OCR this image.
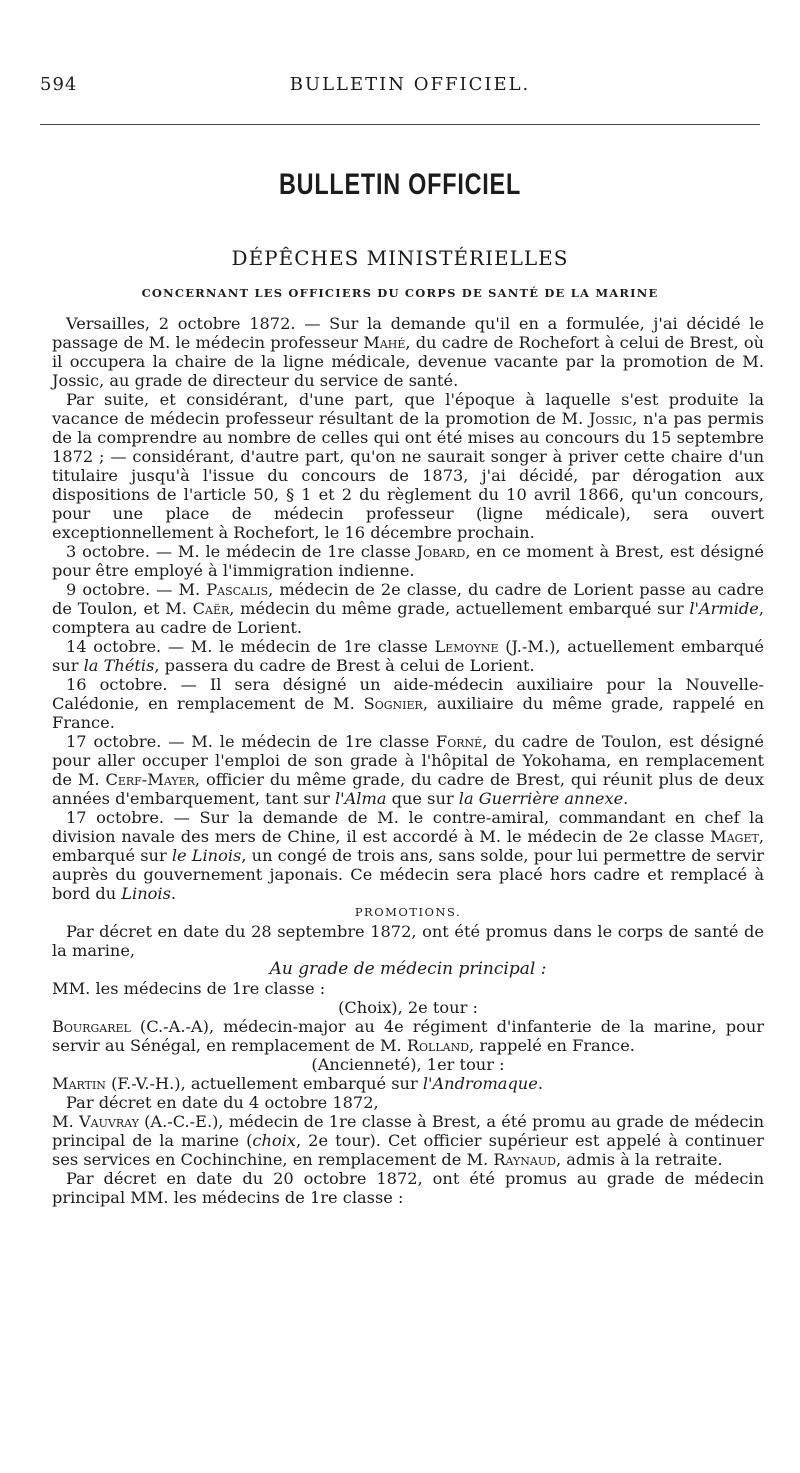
594	BULLETIN OFFICIEL.
BULLETIN OFFICIEL
DÉPÊCHES MINISTÉRIELLES
CONCERNANT LES OFFICIERS DU CORPS DE SANTÉ DE LA MARINE

Versailles, 2 octobre 1872. — Sur la demande qu'il en a formulée, j'ai décidé le passage de M. le médecin professeur Mahé, du cadre de Rochefort à celui de Brest, où il occupera la chaire de la ligne médicale, devenue vacante par la promotion de M. Jossic, au grade de directeur du service de santé.

Par suite, et considérant, d'une part, que l'époque à laquelle s'est produite la vacance de médecin professeur résultant de la promotion de M. Jossic, n'a pas permis de la comprendre au nombre de celles qui ont été mises au concours du 15 septembre 1872 ; — considérant, d'autre part, qu'on ne saurait songer à priver cette chaire d'un titulaire jusqu'à l'issue du concours de 1873, j'ai décidé, par dérogation aux dispositions de l'article 50, § 1 et 2 du règlement du 10 avril 1866, qu'un concours, pour une place de médecin professeur (ligne médicale), sera ouvert exceptionnellement à Rochefort, le 16 décembre prochain.

3 octobre. — M. le médecin de 1re classe Jobard, en ce moment à Brest, est désigné pour être employé à l'immigration indienne.

9 octobre. — M. Pascalis, médecin de 2e classe, du cadre de Lorient passe au cadre de Toulon, et M. Caër, médecin du même grade, actuellement embarqué sur l'Armide, comptera au cadre de Lorient.

14 octobre. — M. le médecin de 1re classe Lemoyne (J.-M.), actuellement embarqué sur la Thétis, passera du cadre de Brest à celui de Lorient.

16 octobre. — Il sera désigné un aide-médecin auxiliaire pour la Nouvelle-Calédonie, en remplacement de M. Sognier, auxiliaire du même grade, rappelé en France.

17 octobre. — M. le médecin de 1re classe Forné, du cadre de Toulon, est désigné pour aller occuper l'emploi de son grade à l'hôpital de Yokohama, en remplacement de M. Cerf-Mayer, officier du même grade, du cadre de Brest, qui réunit plus de deux années d'embarquement, tant sur l'Alma que sur la Guerrière annexe.

17 octobre. — Sur la demande de M. le contre-amiral, commandant en chef la division navale des mers de Chine, il est accordé à M. le médecin de 2e classe Maget, embarqué sur le Linois, un congé de trois ans, sans solde, pour lui permettre de servir auprès du gouvernement japonais. Ce médecin sera placé hors cadre et remplacé à bord du Linois.

PROMOTIONS.

Par décret en date du 28 septembre 1872, ont été promus dans le corps de santé de la marine,

Au grade de médecin principal :

MM. les médecins de 1re classe :

(Choix), 2e tour :

Bourgarel (C.-A.-A), médecin-major au 4e régiment d'infanterie de la marine, pour servir au Sénégal, en remplacement de M. Rolland, rappelé en France.

(Ancienneté), 1er tour :

Martin (F.-V.-H.), actuellement embarqué sur l'Andromaque.

Par décret en date du 4 octobre 1872,

M. Vauvray (A.-C.-E.), médecin de 1re classe à Brest, a été promu au grade de médecin principal de la marine (choix, 2e tour). Cet officier supérieur est appelé à continuer ses services en Cochinchine, en remplacement de M. Raynaud, admis à la retraite.

Par décret en date du 20 octobre 1872, ont été promus au grade de médecin principal MM. les médecins de 1re classe :
